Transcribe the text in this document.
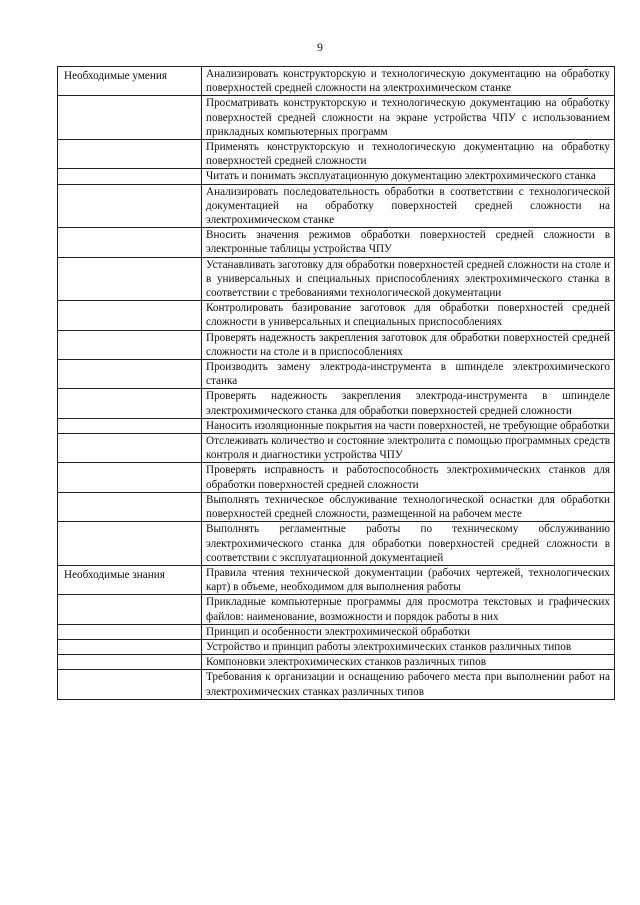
9
Необходимые умения	Анализировать конструкторскую и технологическую документацию на обработку поверхностей средней сложности на электрохимическом станке
	Просматривать конструкторскую и технологическую документацию на обработку поверхностей средней сложности на экране устройства ЧПУ с использованием прикладных компьютерных программ
	Применять конструкторскую и технологическую документацию на обработку поверхностей средней сложности
	Читать и понимать эксплуатационную документацию электрохимического станка
	Анализировать последовательность обработки в соответствии с технологической документацией на обработку поверхностей средней сложности на электрохимическом станке
	Вносить значения режимов обработки поверхностей средней сложности в электронные таблицы устройства ЧПУ
	Устанавливать заготовку для обработки поверхностей средней сложности на столе и в универсальных и специальных приспособлениях электрохимического станка в соответствии с требованиями технологической документации
	Контролировать базирование заготовок для обработки поверхностей средней сложности в универсальных и специальных приспособлениях
	Проверять надежность закрепления заготовок для обработки поверхностей средней сложности на столе и в приспособлениях
	Производить замену электрода-инструмента в шпинделе электрохимического станка
	Проверять надежность закрепления электрода-инструмента в шпинделе электрохимического станка для обработки поверхностей средней сложности
	Наносить изоляционные покрытия на части поверхностей, не требующие обработки
	Отслеживать количество и состояние электролита с помощью программных средств контроля и диагностики устройства ЧПУ
	Проверять исправность и работоспособность электрохимических станков для обработки поверхностей средней сложности
	Выполнять техническое обслуживание технологической оснастки для обработки поверхностей средней сложности, размещенной на рабочем месте
	Выполнять регламентные работы по техническому обслуживанию электрохимического станка для обработки поверхностей средней сложности в соответствии с эксплуатационной документацией
Необходимые знания	Правила чтения технической документации (рабочих чертежей, технологических карт) в объеме, необходимом для выполнения работы
	Прикладные компьютерные программы для просмотра текстовых и графических файлов: наименование, возможности и порядок работы в них
	Принцип и особенности электрохимической обработки
	Устройство и принцип работы электрохимических станков различных типов
	Компоновки электрохимических станков различных типов
	Требования к организации и оснащению рабочего места при выполнении работ на электрохимических станках различных типов
